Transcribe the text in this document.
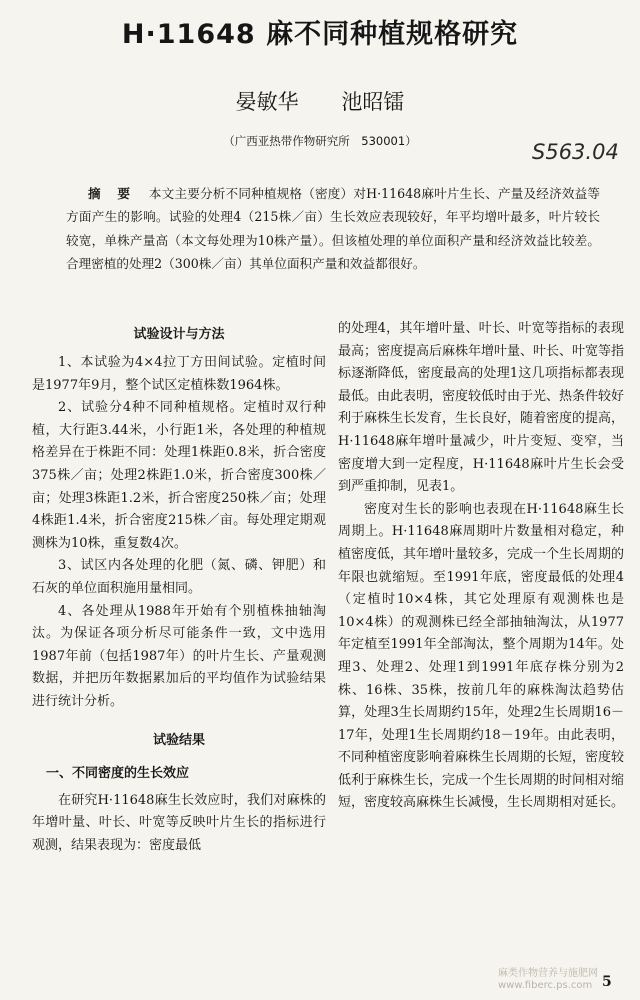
H·11648 麻不同种植规格研究
晏敏华 池昭镭
（广西亚热带作物研究所　530001）	S563.04
摘 要　 本文主要分析不同种植规格（密度）对H·11648麻叶片生长、产量及经济效益等方面产生的影响。试验的处理4（215株／亩）生长效应表现较好，年平均增叶最多，叶片较长较宽，单株产量高（本文每处理为10株产量）。但该植处理的单位面积产量和经济效益比较差。合理密植的处理2（300株／亩）其单位面积产量和效益都很好。
试验设计与方法

1、本试验为4×4拉丁方田间试验。定植时间是1977年9月，整个试区定植株数1964株。

2、试验分4种不同种植规格。定植时双行种植，大行距3.44米，小行距1米，各处理的种植规格差异在于株距不同：处理1株距0.8米，折合密度375株／亩；处理2株距1.0米，折合密度300株／亩；处理3株距1.2米，折合密度250株／亩；处理4株距1.4米，折合密度215株／亩。每处理定期观测株为10株，重复数4次。

3、试区内各处理的化肥（氮、磷、钾肥）和石灰的单位面积施用量相同。

4、各处理从1988年开始有个别植株抽轴淘汰。为保证各项分析尽可能条件一致，文中选用1987年前（包括1987年）的叶片生长、产量观测数据，并把历年数据累加后的平均值作为试验结果进行统计分析。

试验结果
一、不同密度的生长效应

在研究H·11648麻生长效应时，我们对麻株的年增叶量、叶长、叶宽等反映叶片生长的指标进行观测，结果表现为：密度最低

的处理4，其年增叶量、叶长、叶宽等指标的表现最高；密度提高后麻株年增叶量、叶长、叶宽等指标逐渐降低，密度最高的处理1这几项指标都表现最低。由此表明，密度较低时由于光、热条件较好利于麻株生长发育，生长良好，随着密度的提高，H·11648麻年增叶量减少，叶片变短、变窄，当密度增大到一定程度，H·11648麻叶片生长会受到严重抑制，见表1。

密度对生长的影响也表现在H·11648麻生长周期上。H·11648麻周期叶片数量相对稳定，种植密度低，其年增叶量较多，完成一个生长周期的年限也就缩短。至1991年底，密度最低的处理4（定植时10×4株，其它处理原有观测株也是10×4株）的观测株已经全部抽轴淘汰，从1977年定植至1991年全部淘汰，整个周期为14年。处理3、处理2、处理1到1991年底存株分别为2株、16株、35株，按前几年的麻株淘汰趋势估算，处理3生长周期约15年，处理2生长周期16－17年，处理1生长周期约18－19年。由此表明，不同种植密度影响着麻株生长周期的长短，密度较低利于麻株生长，完成一个生长周期的时间相对缩短，密度较高麻株生长减慢，生长周期相对延长。

麻类作物营养与施肥网
www.fiberc.ps.com 5
